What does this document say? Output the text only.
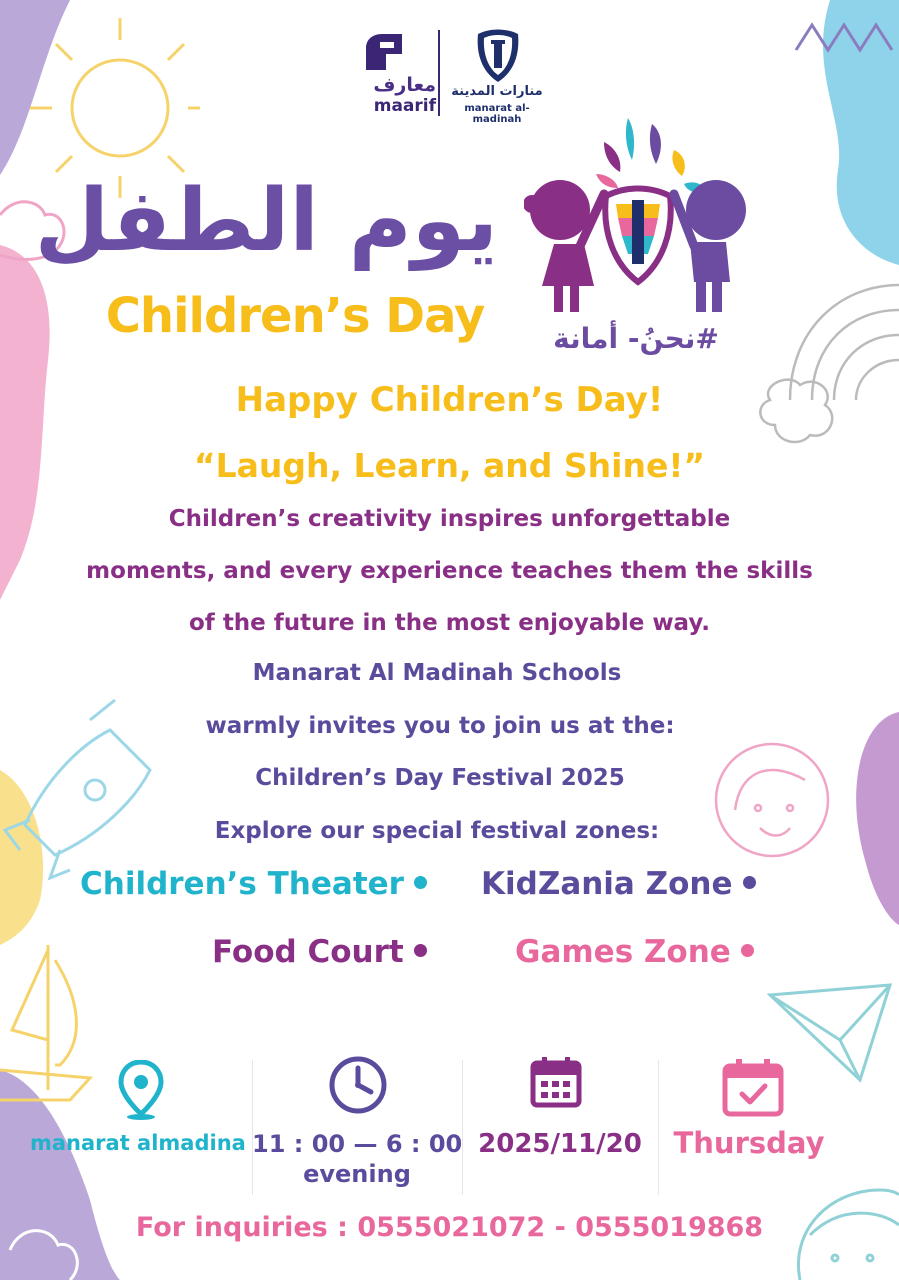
معارف
maarif
منارات المدينة
manarat al-madinah
يوم الطفل
Children’s Day	#نحنُ- أمانة
Happy Children’s Day!
“Laugh, Learn, and Shine!”
Children’s creativity inspires unforgettable
moments, and every experience teaches them the skills
of the future in the most enjoyable way.
Manarat Al Madinah Schools
warmly invites you to join us at the:
Children’s Day Festival 2025
Explore our special festival zones:
Children’s Theater	KidZania Zone
Food Court	Games Zone
manarat almadina 11 : 00 — 6 : 00
evening
2025/11/20	Thursday
For inquiries : 0555021072 - 0555019868
